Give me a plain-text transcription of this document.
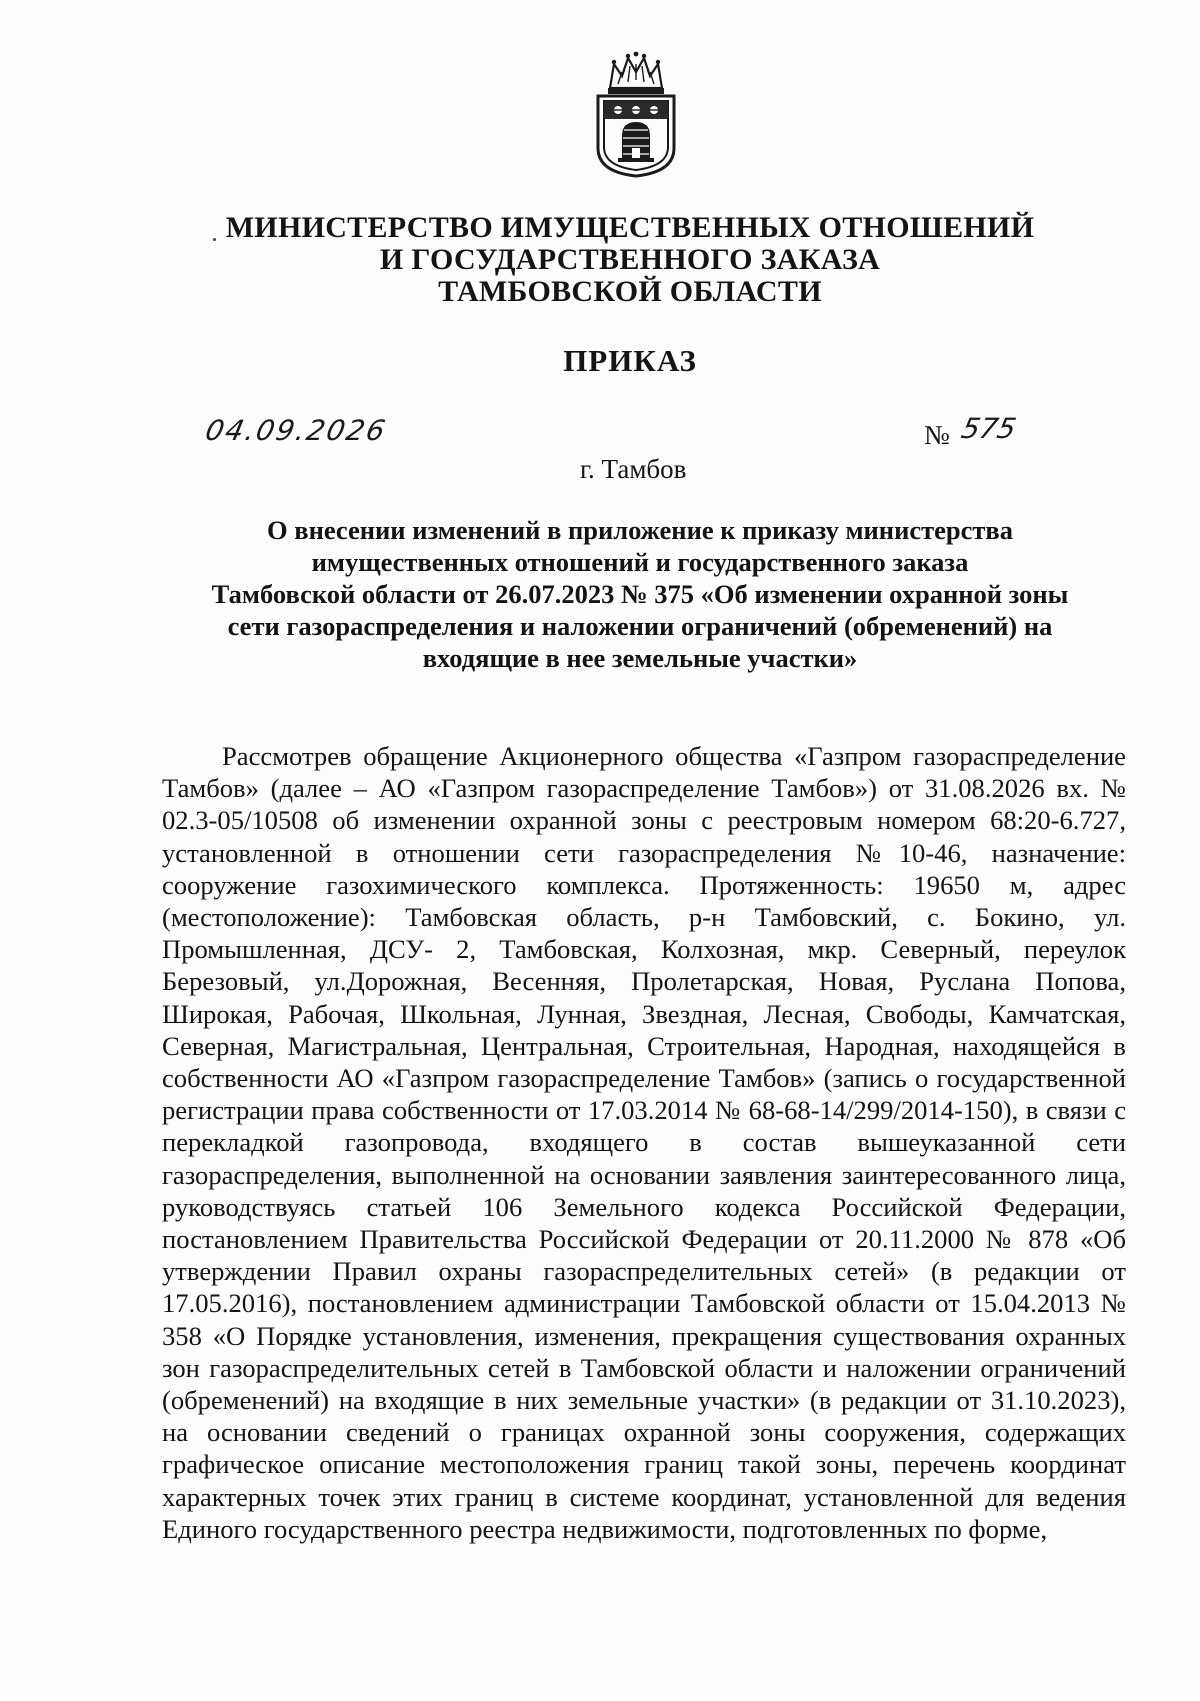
МИНИСТЕРСТВО ИМУЩЕСТВЕННЫХ ОТНОШЕНИЙ
И ГОСУДАРСТВЕННОГО ЗАКАЗА
ТАМБОВСКОЙ ОБЛАСТИ
ПРИКАЗ
04.09.2026	№ 575
г. Тамбов
О внесении изменений в приложение к приказу министерства
имущественных отношений и государственного заказа
Тамбовской области от 26.07.2023 № 375 «Об изменении охранной зоны
сети газораспределения и наложении ограничений (обременений) на
входящие в нее земельные участки»
Рассмотрев обращение Акционерного общества «Газпром газораспределение Тамбов» (далее – АО «Газпром газораспределение Тамбов») от 31.08.2026 вх. № 02.3-05/10508 об изменении охранной зоны с реестровым номером 68:20-6.727, установленной в отношении сети газораспределения №10-46, назначение: сооружение газохимического комплекса. Протяженность: 19650 м, адрес (местоположение): Тамбовская область, р-н Тамбовский, с. Бокино, ул. Промышленная, ДСУ- 2, Тамбовская, Колхозная, мкр. Северный, переулок Березовый, ул.Дорожная, Весенняя, Пролетарская, Новая, Руслана Попова, Широкая, Рабочая, Школьная, Лунная, Звездная, Лесная, Свободы, Камчатская, Северная, Магистральная, Центральная, Строительная, Народная, находящейся в собственности АО «Газпром газораспределение Тамбов» (запись о государственной регистрации права собственности от 17.03.2014 № 68-68-14/299/2014-150), в связи с перекладкой газопровода, входящего в состав вышеуказанной сети газораспределения, выполненной на основании заявления заинтересованного лица, руководствуясь статьей 106 Земельного кодекса Российской Федерации, постановлением Правительства Российской Федерации от 20.11.2000 № 878 «Об утверждении Правил охраны газораспределительных сетей» (в редакции от 17.05.2016), постановлением администрации Тамбовской области от 15.04.2013 № 358 «О Порядке установления, изменения, прекращения существования охранных зон газораспределительных сетей в Тамбовской области и наложении ограничений (обременений) на входящие в них земельные участки» (в редакции от 31.10.2023), на основании сведений о границах охранной зоны сооружения, содержащих графическое описание местоположения границ такой зоны, перечень координат характерных точек этих границ в системе координат, установленной для ведения Единого государственного реестра недвижимости, подготовленных по форме,
